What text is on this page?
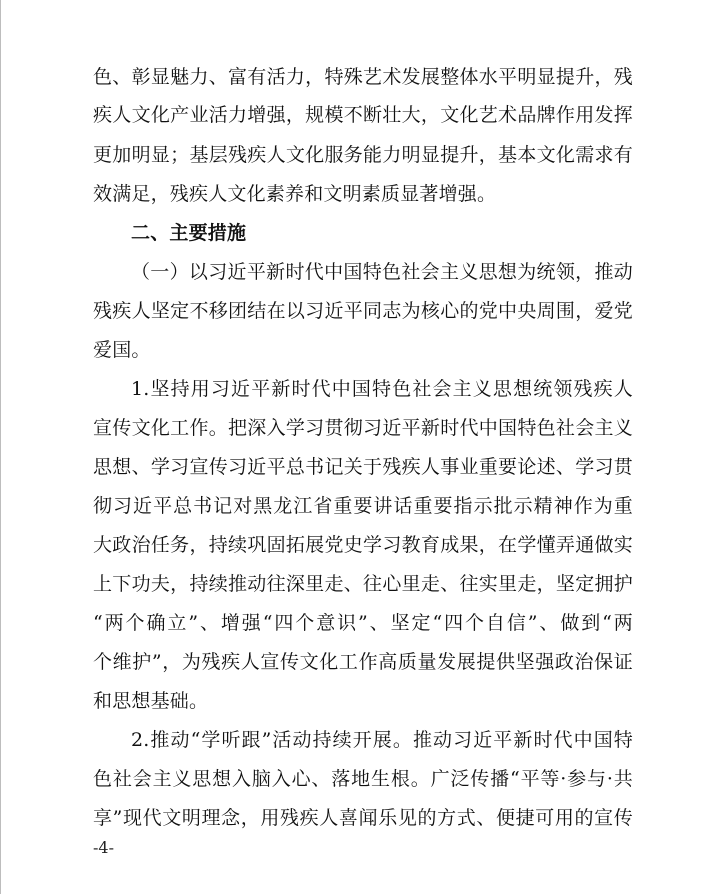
色、彰显魅力、富有活力，特殊艺术发展整体水平明显提升，残
疾人文化产业活力增强，规模不断壮大，文化艺术品牌作用发挥
更加明显；基层残疾人文化服务能力明显提升，基本文化需求有
效满足，残疾人文化素养和文明素质显著增强。
二、主要措施
（一）以习近平新时代中国特色社会主义思想为统领，推动
残疾人坚定不移团结在以习近平同志为核心的党中央周围，爱党
爱国。
1.坚持用习近平新时代中国特色社会主义思想统领残疾人
宣传文化工作。把深入学习贯彻习近平新时代中国特色社会主义
思想、学习宣传习近平总书记关于残疾人事业重要论述、学习贯
彻习近平总书记对黑龙江省重要讲话重要指示批示精神作为重
大政治任务，持续巩固拓展党史学习教育成果，在学懂弄通做实
上下功夫，持续推动往深里走、往心里走、往实里走，坚定拥护
“两个确立”、增强“四个意识”、坚定“四个自信”、做到“两
个维护”，为残疾人宣传文化工作高质量发展提供坚强政治保证
和思想基础。
2.推动“学听跟”活动持续开展。推动习近平新时代中国特
色社会主义思想入脑入心、落地生根。广泛传播“平等·参与·共
享”现代文明理念，用残疾人喜闻乐见的方式、便捷可用的宣传
-4-
